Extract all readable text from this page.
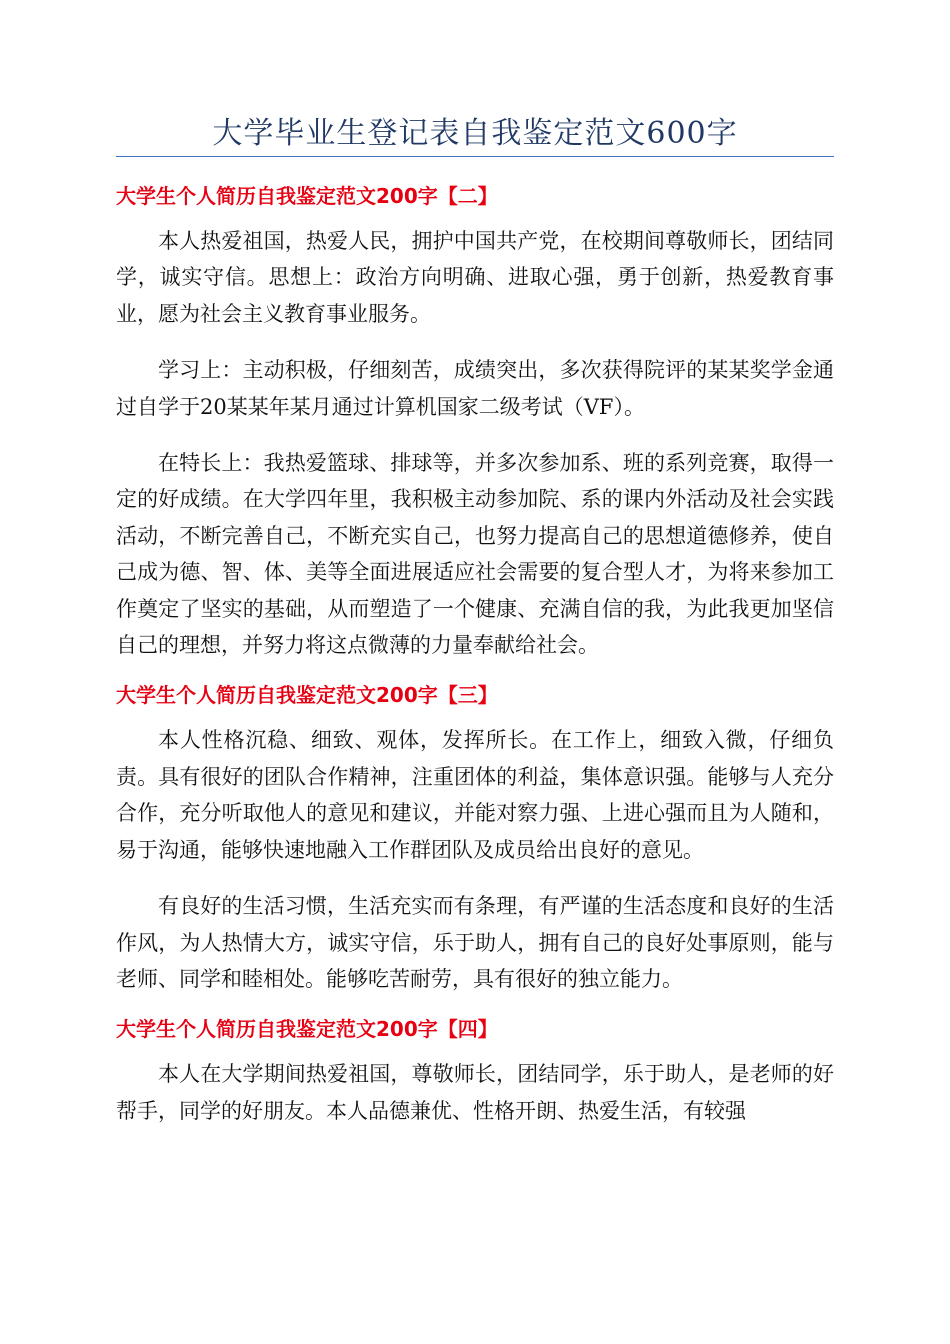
大学毕业生登记表自我鉴定范文600字
大学生个人简历自我鉴定范文200字【二】

本人热爱祖国，热爱人民，拥护中国共产党，在校期间尊敬师长，团结同学，诚实守信。思想上：政治方向明确、进取心强，勇于创新，热爱教育事业，愿为社会主义教育事业服务。

学习上：主动积极，仔细刻苦，成绩突出，多次获得院评的某某奖学金通过自学于20某某年某月通过计算机国家二级考试（VF）。

在特长上：我热爱篮球、排球等，并多次参加系、班的系列竞赛，取得一定的好成绩。在大学四年里，我积极主动参加院、系的课内外活动及社会实践活动，不断完善自己，不断充实自己，也努力提高自己的思想道德修养，使自己成为德、智、体、美等全面进展适应社会需要的复合型人才，为将来参加工作奠定了坚实的基础，从而塑造了一个健康、充满自信的我，为此我更加坚信自己的理想，并努力将这点微薄的力量奉献给社会。

大学生个人简历自我鉴定范文200字【三】

本人性格沉稳、细致、观体，发挥所长。在工作上，细致入微，仔细负责。具有很好的团队合作精神，注重团体的利益，集体意识强。能够与人充分合作，充分听取他人的意见和建议，并能对察力强、上进心强而且为人随和，易于沟通，能够快速地融入工作群团队及成员给出良好的意见。

有良好的生活习惯，生活充实而有条理，有严谨的生活态度和良好的生活作风，为人热情大方，诚实守信，乐于助人，拥有自己的良好处事原则，能与老师、同学和睦相处。能够吃苦耐劳，具有很好的独立能力。

大学生个人简历自我鉴定范文200字【四】

本人在大学期间热爱祖国，尊敬师长，团结同学，乐于助人，是老师的好帮手，同学的好朋友。本人品德兼优、性格开朗、热爱生活，有较强
